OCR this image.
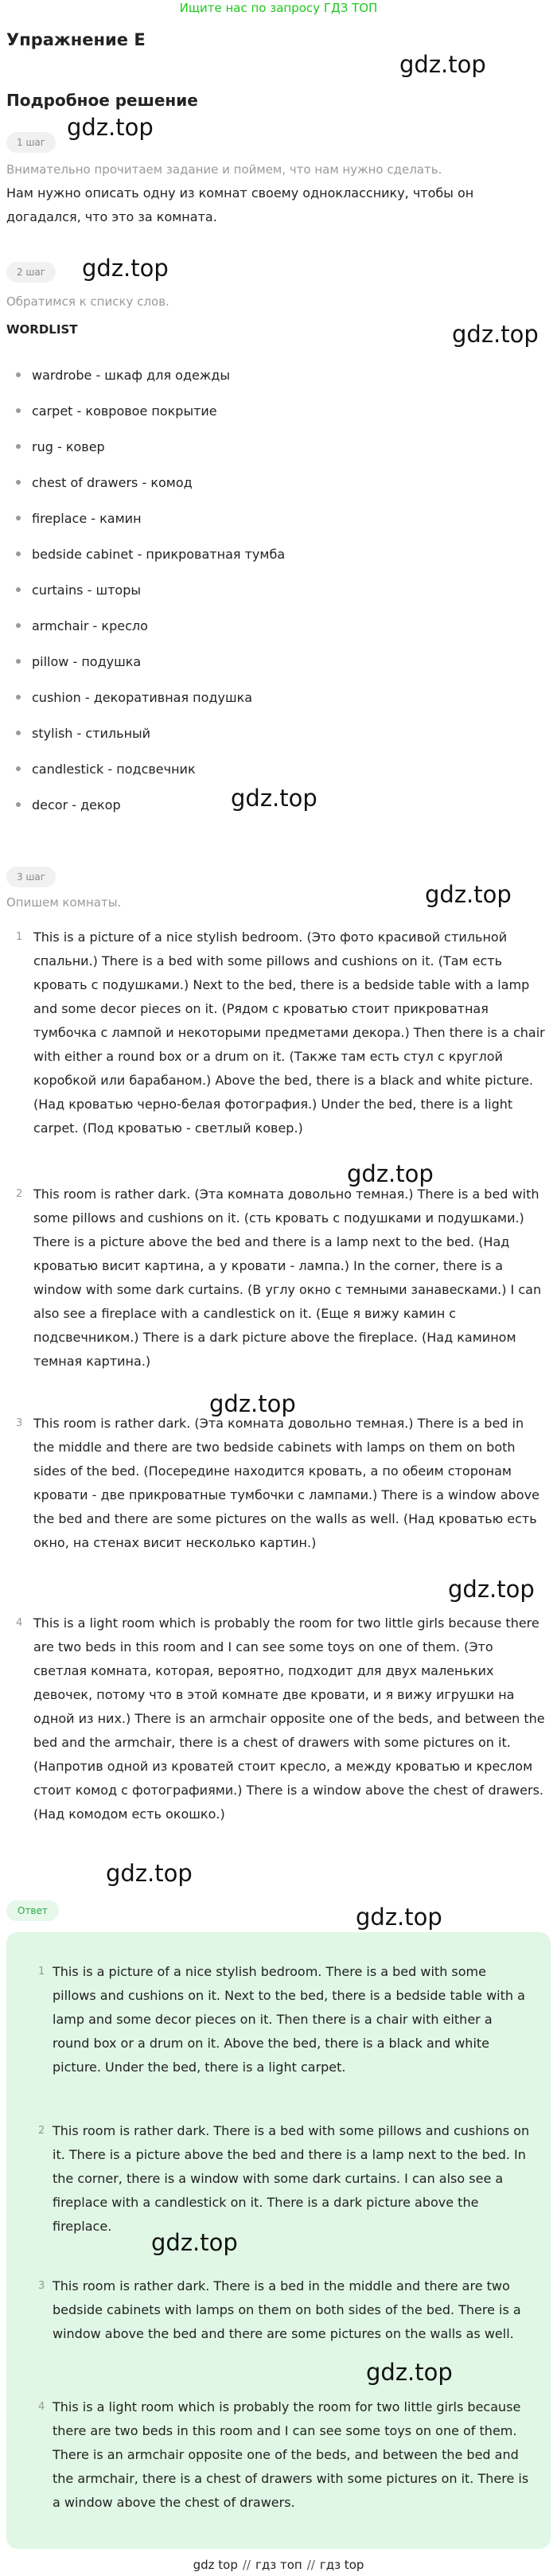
Ищите нас по запросу ГДЗ ТОП
Упражнение E
Подробное решение
1 шаг
Внимательно прочитаем задание и поймем, что нам нужно сделать.
Нам нужно описать одну из комнат своему однокласснику, чтобы он догадался, что это за комната.
2 шаг
Обратимся к списку слов.
WORDLIST
wardrobe - шкаф для одежды
carpet - ковровое покрытие
rug - ковер
chest of drawers - комод
fireplace - камин
bedside cabinet - прикроватная тумба
curtains - шторы
armchair - кресло
pillow - подушка
cushion - декоративная подушка
stylish - стильный
candlestick - подсвечник
decor - декор
3 шаг
Опишем комнаты.
1 This is a picture of a nice stylish bedroom. (Это фото красивой стильной спальни.) There is a bed with some pillows and cushions on it. (Там есть кровать с подушками.) Next to the bed, there is a bedside table with a lamp and some decor pieces on it. (Рядом с кроватью стоит прикроватная тумбочка с лампой и некоторыми предметами декора.) Then there is a chair with either a round box or a drum on it. (Также там есть стул с круглой коробкой или барабаном.) Above the bed, there is a black and white picture. (Над кроватью черно-белая фотография.) Under the bed, there is a light carpet. (Под кроватью - светлый ковер.)
2 This room is rather dark. (Эта комната довольно темная.) There is a bed with some pillows and cushions on it. (сть кровать с подушками и подушками.) There is a picture above the bed and there is a lamp next to the bed. (Над кроватью висит картина, а у кровати - лампа.) In the corner, there is a window with some dark curtains. (В углу окно с темными занавесками.) I can also see a fireplace with a candlestick on it. (Еще я вижу камин с подсвечником.) There is a dark picture above the fireplace. (Над камином темная картина.)
3 This room is rather dark. (Эта комната довольно темная.) There is a bed in the middle and there are two bedside cabinets with lamps on them on both sides of the bed. (Посередине находится кровать, а по обеим сторонам кровати - две прикроватные тумбочки с лампами.) There is a window above the bed and there are some pictures on the walls as well. (Над кроватью есть окно, на стенах висит несколько картин.)
4 This is a light room which is probably the room for two little girls because there are two beds in this room and I can see some toys on one of them. (Это светлая комната, которая, вероятно, подходит для двух маленьких девочек, потому что в этой комнате две кровати, и я вижу игрушки на одной из них.) There is an armchair opposite one of the beds, and between the bed and the armchair, there is a chest of drawers with some pictures on it. (Напротив одной из кроватей стоит кресло, а между кроватью и креслом стоит комод с фотографиями.) There is a window above the chest of drawers. (Над комодом есть окошко.)
Ответ
1 This is a picture of a nice stylish bedroom. There is a bed with some pillows and cushions on it. Next to the bed, there is a bedside table with a lamp and some decor pieces on it. Then there is a chair with either a round box or a drum on it. Above the bed, there is a black and white picture. Under the bed, there is a light carpet.
2 This room is rather dark. There is a bed with some pillows and cushions on it. There is a picture above the bed and there is a lamp next to the bed. In the corner, there is a window with some dark curtains. I can also see a fireplace with a candlestick on it. There is a dark picture above the fireplace.
3 This room is rather dark. There is a bed in the middle and there are two bedside cabinets with lamps on them on both sides of the bed. There is a window above the bed and there are some pictures on the walls as well.
4 This is a light room which is probably the room for two little girls because there are two beds in this room and I can see some toys on one of them. There is an armchair opposite one of the beds, and between the bed and the armchair, there is a chest of drawers with some pictures on it. There is a window above the chest of drawers.
gdz.top
gdz.top
gdz.top
gdz.top
gdz.top
gdz.top
gdz.top
gdz.top
gdz.top
gdz.top
gdz.top
gdz.top
gdz.top
gdz top // гдз топ // гдз top
